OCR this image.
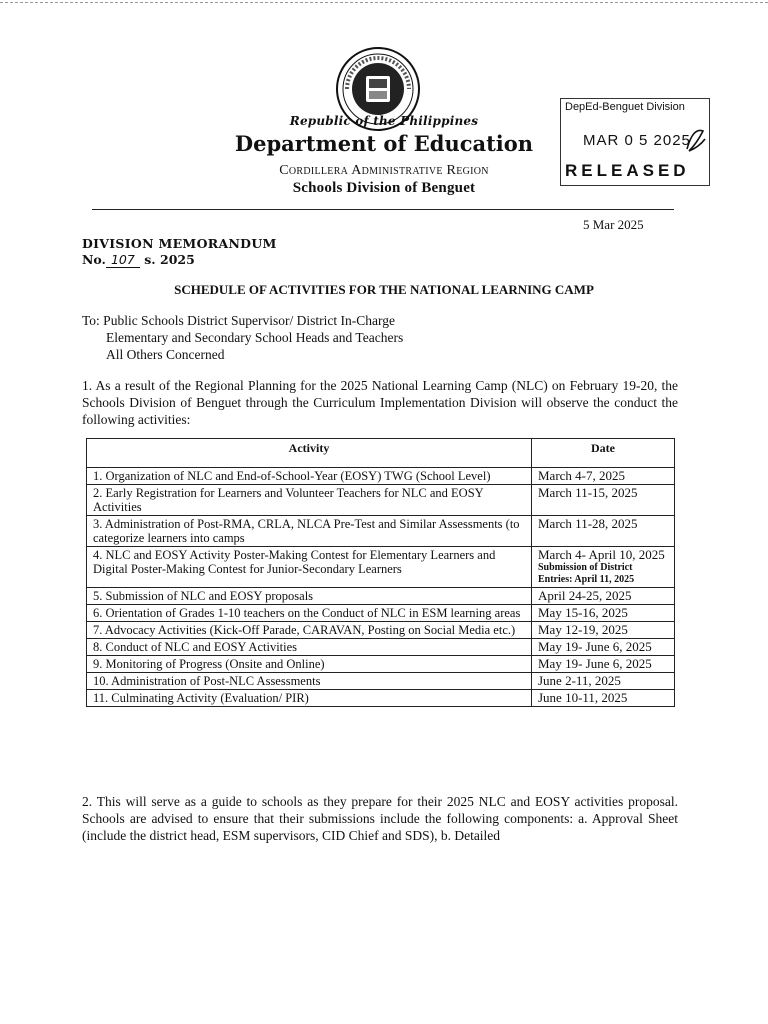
Republic of the Philippines
Department of Education
Cordillera Administrative Region
Schools Division of Benguet
DepEd-Benguet Division
MAR 0 5 2025
RELEASED
5 Mar 2025
DIVISION MEMORANDUM
No. 107 s. 2025
SCHEDULE OF ACTIVITIES FOR THE NATIONAL LEARNING CAMP
To: Public Schools District Supervisor/ District In-Charge
Elementary and Secondary School Heads and Teachers
All Others Concerned
1. As a result of the Regional Planning for the 2025 National Learning Camp (NLC) on February 19-20, the Schools Division of Benguet through the Curriculum Implementation Division will observe the conduct the following activities:
Activity	Date
1. Organization of NLC and End-of-School-Year (EOSY) TWG (School Level)	March 4-7, 2025
2. Early Registration for Learners and Volunteer Teachers for NLC and EOSY Activities	March 11-15, 2025
3. Administration of Post-RMA, CRLA, NLCA Pre-Test and Similar Assessments (to categorize learners into camps	March 11-28, 2025
4. NLC and EOSY Activity Poster-Making Contest for Elementary Learners and Digital Poster-Making Contest for Junior-Secondary Learners	March 4- April 10, 2025
Submission of District Entries: April 11, 2025

5. Submission of NLC and EOSY proposals	April 24-25, 2025
6. Orientation of Grades 1-10 teachers on the Conduct of NLC in ESM learning areas	May 15-16, 2025
7. Advocacy Activities (Kick-Off Parade, CARAVAN, Posting on Social Media etc.)	May 12-19, 2025
8. Conduct of NLC and EOSY Activities	May 19- June 6, 2025
9. Monitoring of Progress (Onsite and Online)	May 19- June 6, 2025
10. Administration of Post-NLC Assessments	June 2-11, 2025
11. Culminating Activity (Evaluation/ PIR)	June 10-11, 2025
2. This will serve as a guide to schools as they prepare for their 2025 NLC and EOSY activities proposal. Schools are advised to ensure that their submissions include the following components: a. Approval Sheet (include the district head, ESM supervisors, CID Chief and SDS), b. Detailed
